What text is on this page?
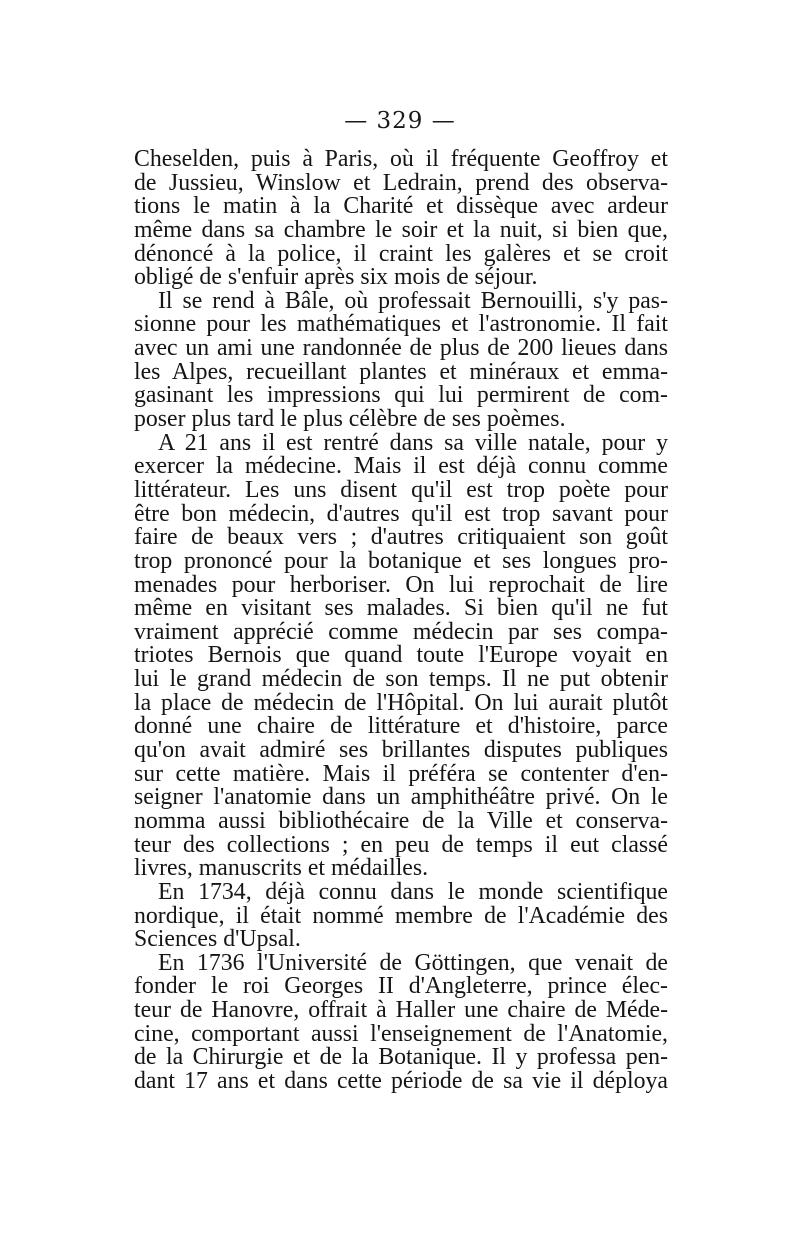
— 329 —
Cheselden, puis à Paris, où il fréquente Geoffroy et
de Jussieu, Winslow et Ledrain, prend des observa-
tions le matin à la Charité et dissèque avec ardeur
même dans sa chambre le soir et la nuit, si bien que,
dénoncé à la police, il craint les galères et se croit
obligé de s'enfuir après six mois de séjour.
Il se rend à Bâle, où professait Bernouilli, s'y pas-
sionne pour les mathématiques et l'astronomie. Il fait
avec un ami une randonnée de plus de 200 lieues dans
les Alpes, recueillant plantes et minéraux et emma-
gasinant les impressions qui lui permirent de com-
poser plus tard le plus célèbre de ses poèmes.
A 21 ans il est rentré dans sa ville natale, pour y
exercer la médecine. Mais il est déjà connu comme
littérateur. Les uns disent qu'il est trop poète pour
être bon médecin, d'autres qu'il est trop savant pour
faire de beaux vers ; d'autres critiquaient son goût
trop prononcé pour la botanique et ses longues pro-
menades pour herboriser. On lui reprochait de lire
même en visitant ses malades. Si bien qu'il ne fut
vraiment apprécié comme médecin par ses compa-
triotes Bernois que quand toute l'Europe voyait en
lui le grand médecin de son temps. Il ne put obtenir
la place de médecin de l'Hôpital. On lui aurait plutôt
donné une chaire de littérature et d'histoire, parce
qu'on avait admiré ses brillantes disputes publiques
sur cette matière. Mais il préféra se contenter d'en-
seigner l'anatomie dans un amphithéâtre privé. On le
nomma aussi bibliothécaire de la Ville et conserva-
teur des collections ; en peu de temps il eut classé
livres, manuscrits et médailles.
En 1734, déjà connu dans le monde scientifique
nordique, il était nommé membre de l'Académie des
Sciences d'Upsal.
En 1736 l'Université de Göttingen, que venait de
fonder le roi Georges II d'Angleterre, prince élec-
teur de Hanovre, offrait à Haller une chaire de Méde-
cine, comportant aussi l'enseignement de l'Anatomie,
de la Chirurgie et de la Botanique. Il y professa pen-
dant 17 ans et dans cette période de sa vie il déploya
